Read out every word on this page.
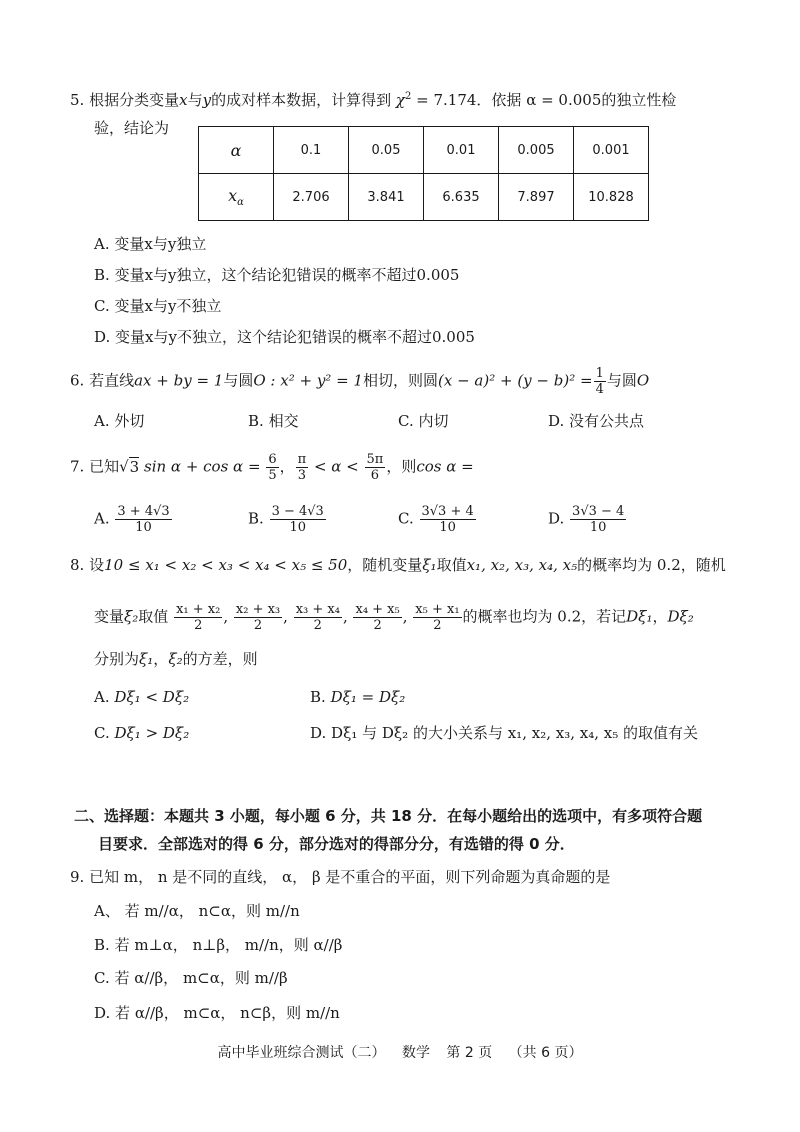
5. 根据分类变量x与y的成对样本数据，计算得到 $\chi^2 = 7.174$．依据 α = 0.005的独立性检
验，结论为
α	0.1	0.05	0.01	0.005	0.001
$x_\alpha$	2.706	3.841	6.635	7.897	10.828
A. 变量x与y独立
B. 变量x与y独立，这个结论犯错误的概率不超过0.005
C. 变量x与y不独立
D. 变量x与y不独立，这个结论犯错误的概率不超过0.005
6. 若直线ax + by = 1与圆O : x² + y² = 1相切，则圆$(x - a)^2 + (y - b)^2 = \frac{1}{4}$ 与圆O
A. 外切	B. 相交	C. 内切	D. 没有公共点
7. 已知√3 $\sin \alpha + \cos \alpha = \frac{6}{5}$ ， $\frac{\pi}{3} < \alpha < \frac{5\pi}{6}$ ，则cos α =
A. $\frac{3 + 4√3}{10}$	B. $\frac{3 - 4√3}{10}$	C. $\frac{3√3 + 4}{10}$	D. $\frac{3√3 - 4}{10}$
8. 设10 ≤ x₁ < x₂ < x₃ < x₄ < x₅ ≤ 50，随机变量ξ₁取值x₁, x₂, x₃, x₄, x₅的概率均为 0.2，随机
变量ξ₂取值 $\frac{\text{x₁ + x₂}}{2}$ , $\frac{\text{x₂ + x₃}}{2}$ , $\frac{\text{x₃ + x₄}}{2}$ , $\frac{\text{x₄ + x₅}}{2}$ , $\frac{\text{x₅ + x₁}}{2}$ 的概率也均为 0.2，若记Dξ₁，Dξ₂
分别为ξ₁，ξ₂的方差，则
A. Dξ₁ < Dξ₂	B. Dξ₁ = Dξ₂
C. Dξ₁ > Dξ₂	D. Dξ₁ 与 Dξ₂ 的大小关系与 x₁, x₂, x₃, x₄, x₅ 的取值有关
二、选择题：本题共 3 小题，每小题 6 分，共 18 分．在每小题给出的选项中，有多项符合题
目要求．全部选对的得 6 分，部分选对的得部分分，有选错的得 0 分．
9. 已知 m， n 是不同的直线， α， β 是不重合的平面，则下列命题为真命题的是
A、 若 m//α， n⊂α，则 m//n
B. 若 m⊥α， n⊥β， m//n，则 α//β
C. 若 α//β， m⊂α，则 m//β
D. 若 α//β， m⊂α， n⊂β，则 m//n
高中毕业班综合测试（二） 数学 第 2 页 （共 6 页）
